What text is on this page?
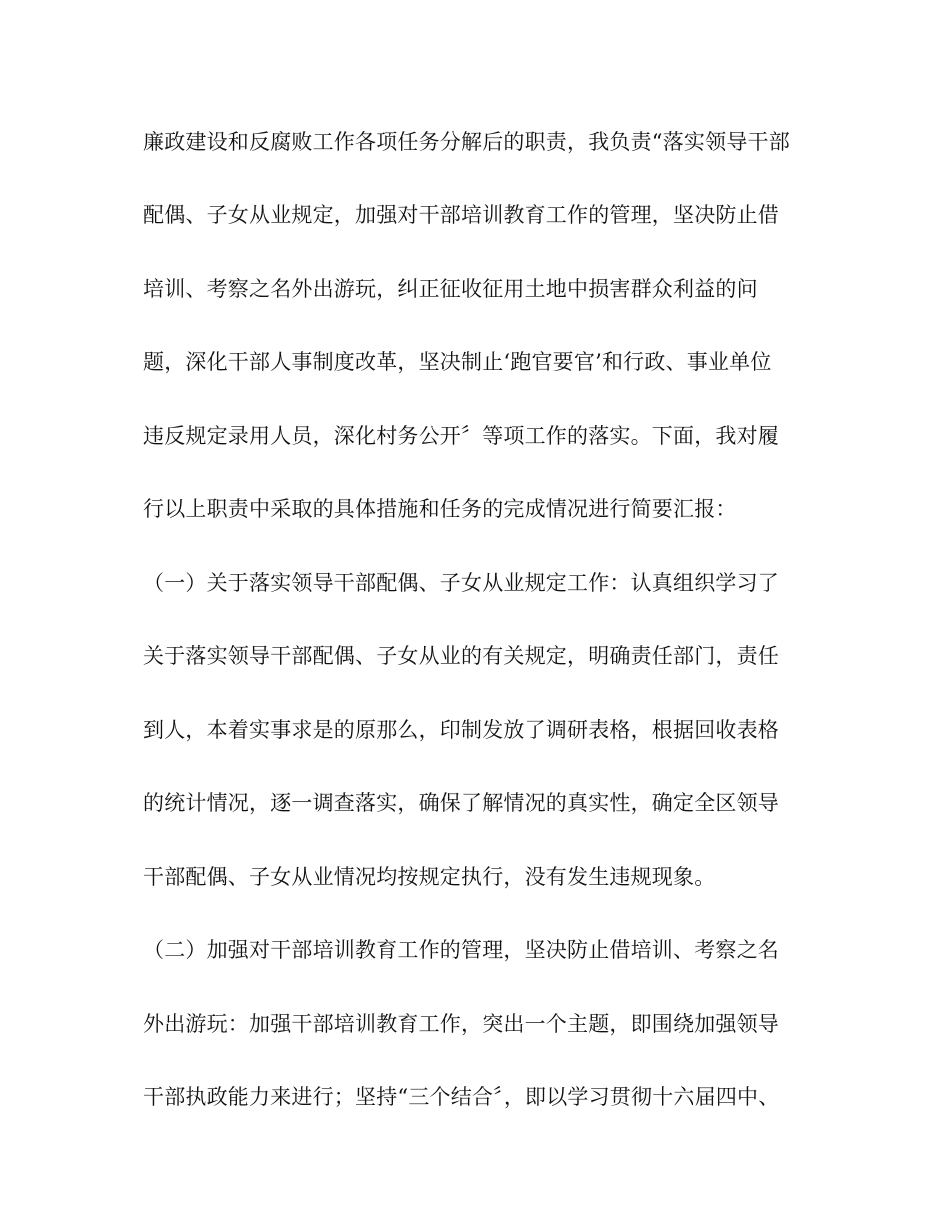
廉政建设和反腐败工作各项任务分解后的职责，我负责“落实领导干部
配偶、子女从业规定，加强对干部培训教育工作的管理，坚决防止借
培训、考察之名外出游玩，纠正征收征用土地中损害群众利益的问
题，深化干部人事制度改革，坚决制止‘跑官要官’和行政、事业单位
违反规定录用人员，深化村务公开〞等项工作的落实。下面，我对履
行以上职责中采取的具体措施和任务的完成情况进行简要汇报：
（一）关于落实领导干部配偶、子女从业规定工作：认真组织学习了
关于落实领导干部配偶、子女从业的有关规定，明确责任部门，责任
到人，本着实事求是的原那么，印制发放了调研表格，根据回收表格
的统计情况，逐一调查落实，确保了解情况的真实性，确定全区领导
干部配偶、子女从业情况均按规定执行，没有发生违规现象。
（二）加强对干部培训教育工作的管理，坚决防止借培训、考察之名
外出游玩：加强干部培训教育工作，突出一个主题，即围绕加强领导
干部执政能力来进行；坚持“三个结合〞，即以学习贯彻十六届四中、
